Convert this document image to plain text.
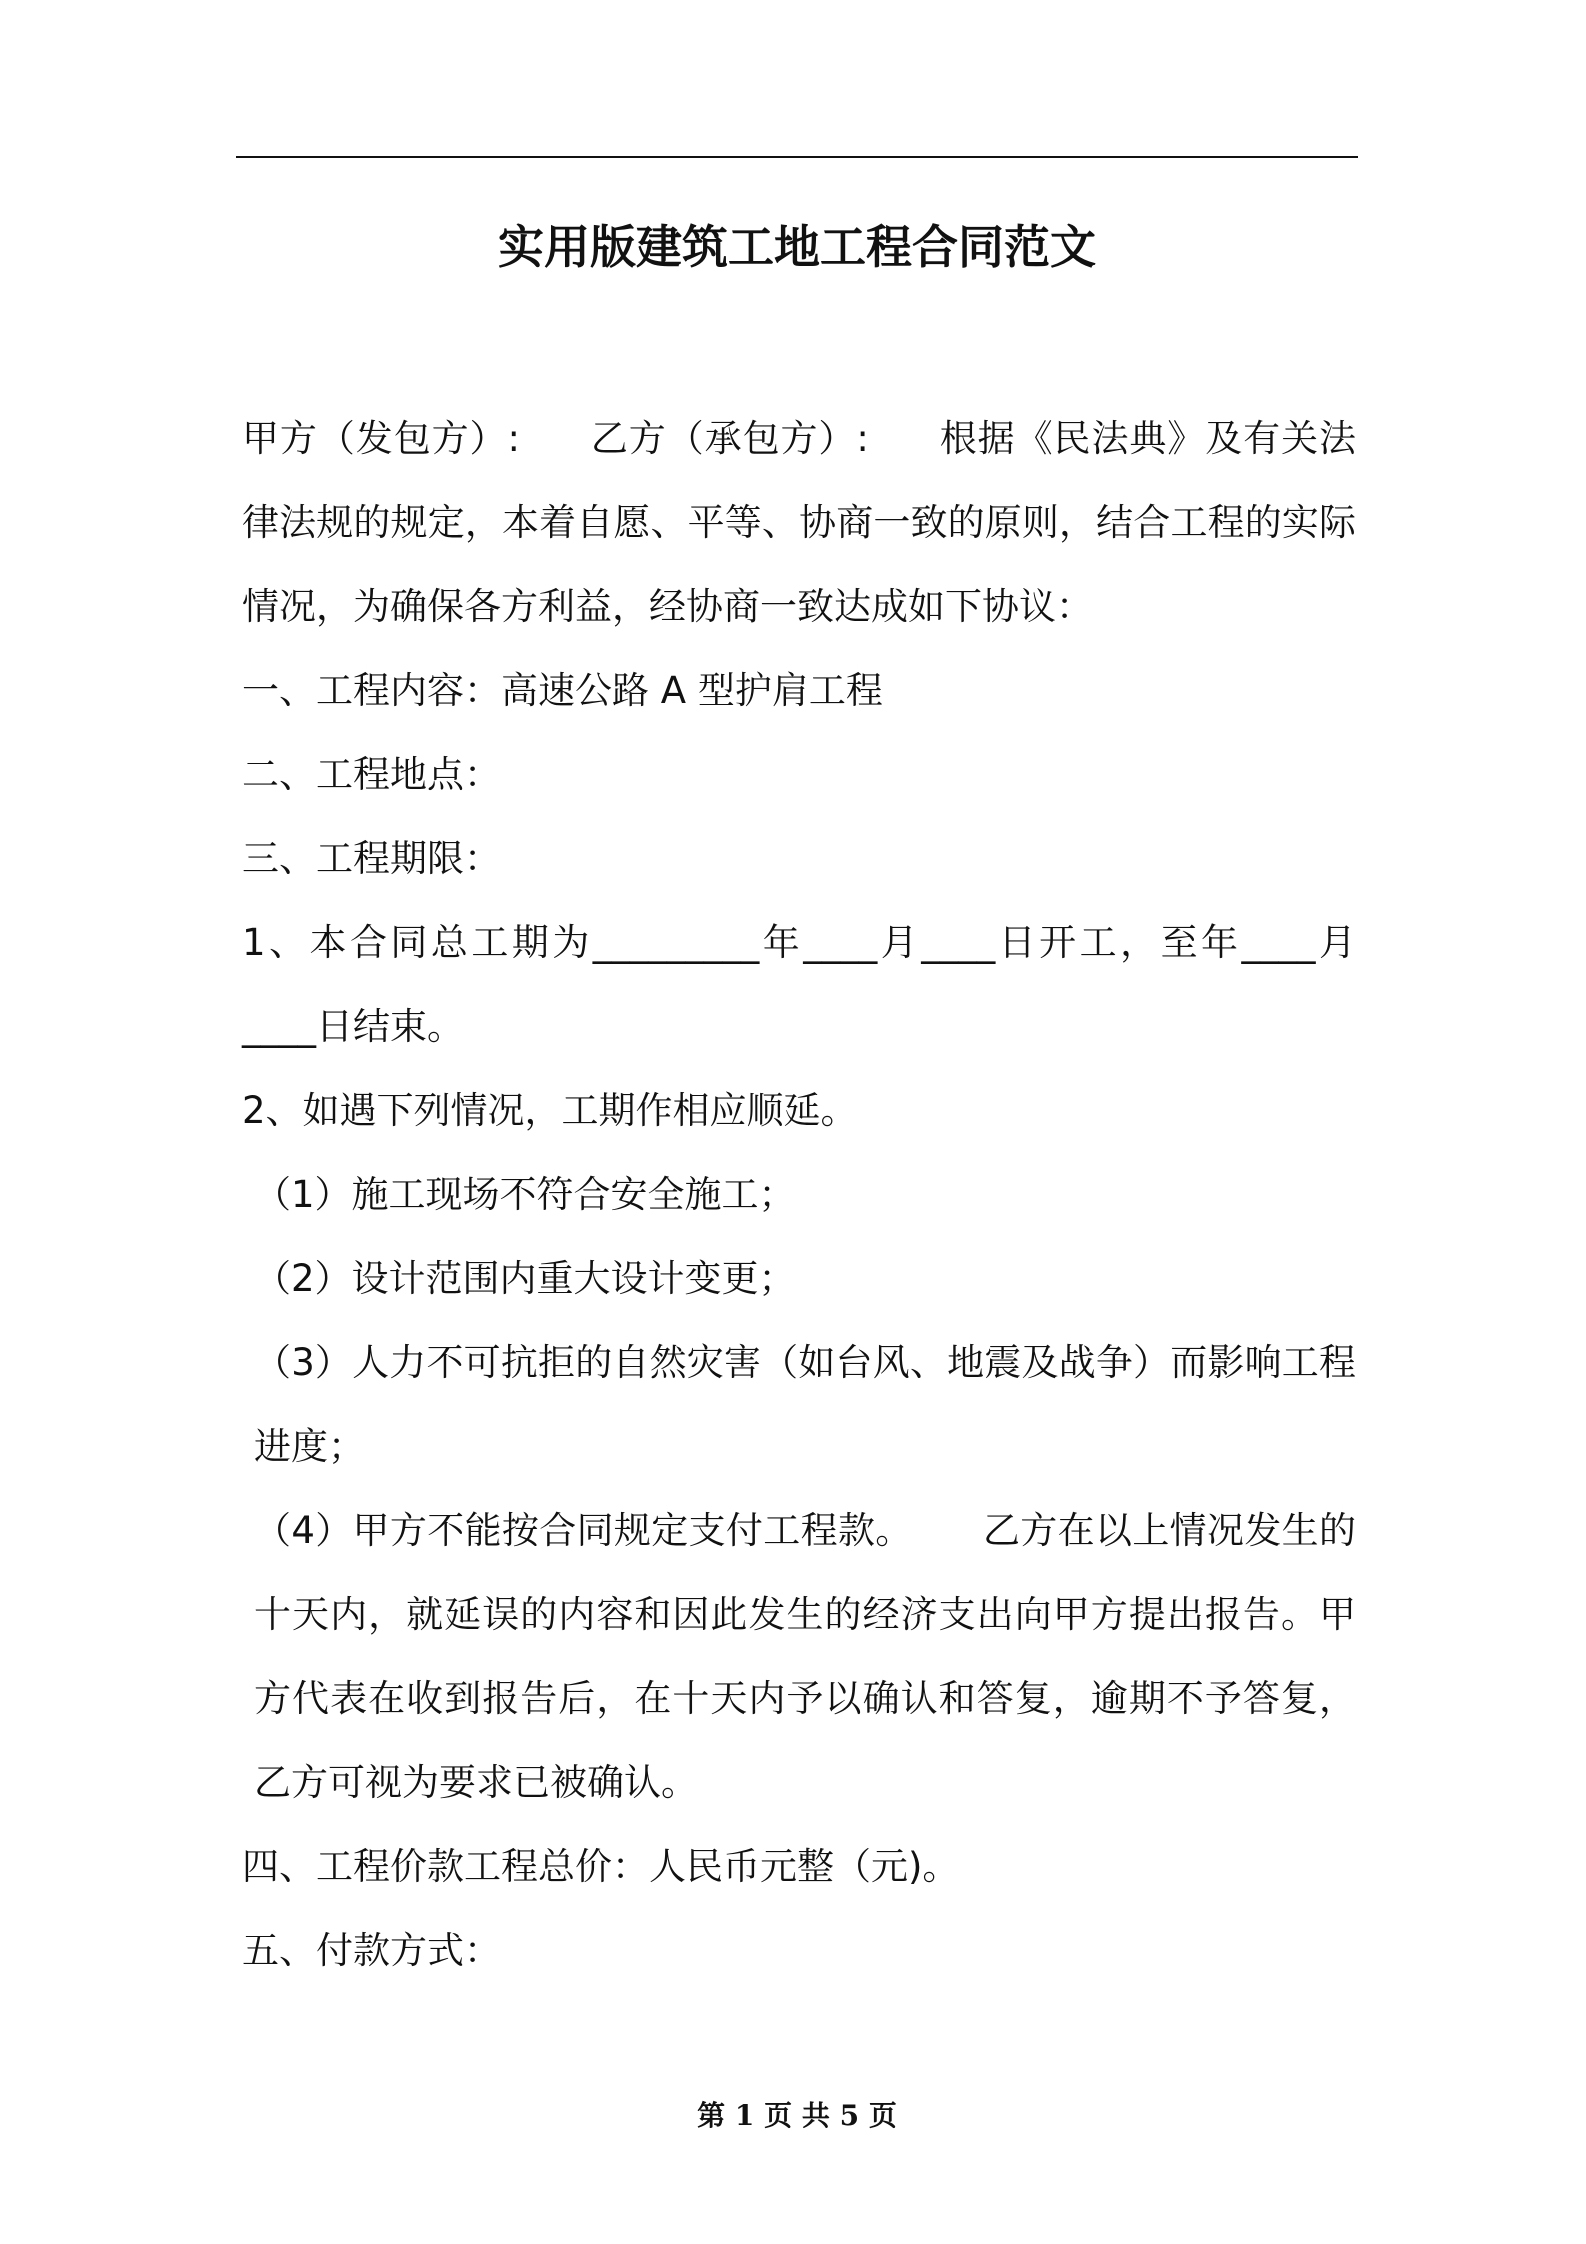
实用版建筑工地工程合同范文

甲方（发包方）: 乙方（承包方）: 根据《民法典》及有关法律法规的规定，本着自愿、平等、协商一致的原则，结合工程的实际情况，为确保各方利益，经协商一致达成如下协议：

一、工程内容：高速公路 A 型护肩工程

二、工程地点：

三、工程期限：

1、本合同总工期为_________年____月____日开工，至年____月____日结束。

2、如遇下列情况，工期作相应顺延。

（1）施工现场不符合安全施工；

（2）设计范围内重大设计变更；

（3）人力不可抗拒的自然灾害（如台风、地震及战争）而影响工程 进度；

（4）甲方不能按合同规定支付工程款。 乙方在以上情况发生的十天内，就延误的内容和因此发生的经济支出向甲方提出报告。甲方代表在收到报告后，在十天内予以确认和答复，逾期不予答复，乙方可视为要求已被确认。

四、工程价款工程总价：人民币元整（元)。

五、付款方式：

第 1 页 共 5 页
